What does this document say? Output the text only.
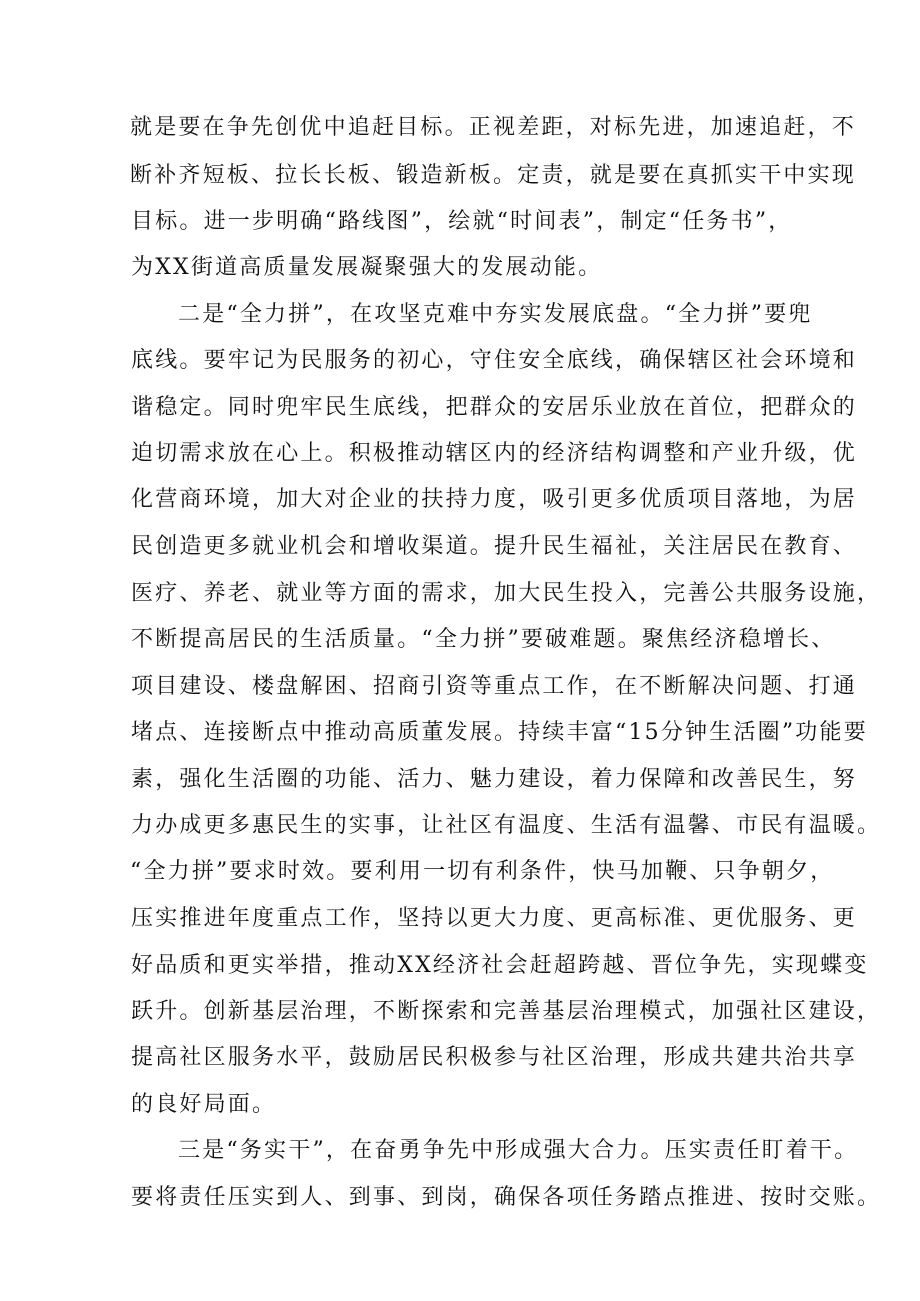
就是要在争先创优中追赶目标。正视差距，对标先进，加速追赶，不
断补齐短板、拉长长板、锻造新板。定责，就是要在真抓实干中实现
目标。进一步明确“路线图”，绘就“时间表”，制定“任务书”，
为XX街道高质量发展凝聚强大的发展动能。
二是“全力拼”，在攻坚克难中夯实发展底盘。“全力拼”要兜
底线。要牢记为民服务的初心，守住安全底线，确保辖区社会环境和
谐稳定。同时兜牢民生底线，把群众的安居乐业放在首位，把群众的
迫切需求放在心上。积极推动辖区内的经济结构调整和产业升级，优
化营商环境，加大对企业的扶持力度，吸引更多优质项目落地，为居
民创造更多就业机会和增收渠道。提升民生福祉，关注居民在教育、
医疗、养老、就业等方面的需求，加大民生投入，完善公共服务设施，
不断提高居民的生活质量。“全力拼”要破难题。聚焦经济稳增长、
项目建设、楼盘解困、招商引资等重点工作，在不断解决问题、打通
堵点、连接断点中推动高质董发展。持续丰富“15分钟生活圈”功能要
素，强化生活圈的功能、活力、魅力建设，着力保障和改善民生，努
力办成更多惠民生的实事，让社区有温度、生活有温馨、市民有温暖。
“全力拼”要求时效。要利用一切有利条件，快马加鞭、只争朝夕，
压实推进年度重点工作，坚持以更大力度、更高标准、更优服务、更
好品质和更实举措，推动XX经济社会赶超跨越、晋位争先，实现蝶变
跃升。创新基层治理，不断探索和完善基层治理模式，加强社区建设，
提高社区服务水平，鼓励居民积极参与社区治理，形成共建共治共享
的良好局面。
三是“务实干”，在奋勇争先中形成强大合力。压实责任盯着干。
要将责任压实到人、到事、到岗，确保各项任务踏点推进、按时交账。
